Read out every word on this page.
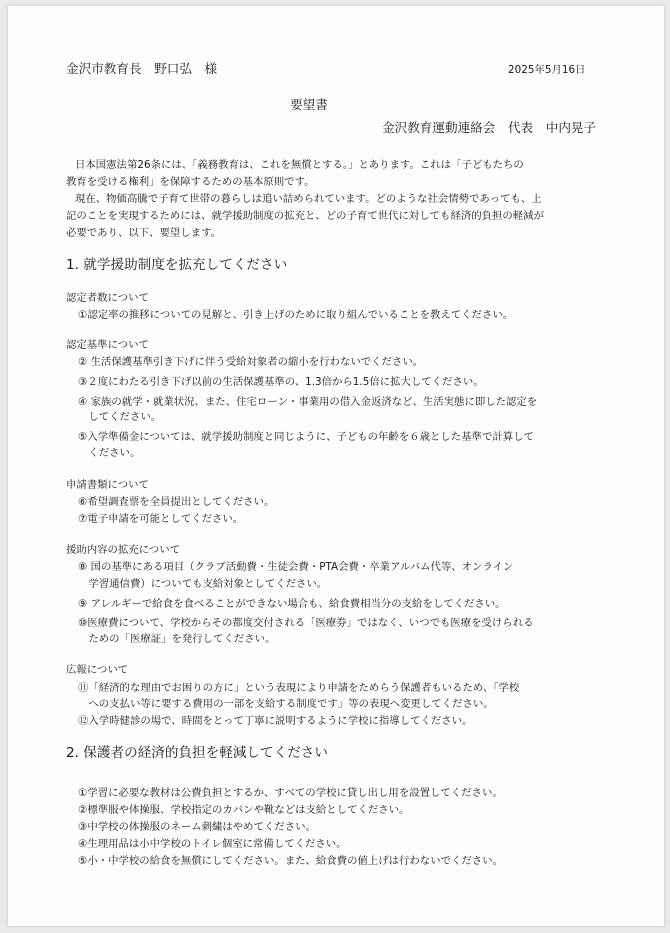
金沢市教育長　野口弘　様	2025年5月16日
要望書
金沢教育運動連絡会　代表　中内晃子
日本国憲法第26条には、「義務教育は、これを無償とする。」とあります。これは「子どもたちの
教育を受ける権利」を保障するための基本原則です。
現在、物価高騰で子育て世帯の暮らしは追い詰められています。どのような社会情勢であっても、上
記のことを実現するためには、就学援助制度の拡充と、どの子育て世代に対しても経済的負担の軽減が
必要であり、以下、要望します。
1. 就学援助制度を拡充してください
認定者数について
①認定率の推移についての見解と、引き上げのために取り組んでいることを教えてください。
認定基準について
② 生活保護基準引き下げに伴う受給対象者の縮小を行わないでください。
③２度にわたる引き下げ以前の生活保護基準の、1.3倍から1.5倍に拡大してください。
④ 家族の就学・就業状況、また、住宅ローン・事業用の借入金返済など、生活実態に即した認定を
　してください。
⑤入学準備金については、就学援助制度と同じように、子どもの年齢を６歳とした基準で計算して
　ください。
申請書類について
⑥希望調査票を全員提出としてください。
⑦電子申請を可能としてください。
援助内容の拡充について
⑧ 国の基準にある項目（クラブ活動費・生徒会費・PTA会費・卒業アルバム代等、オンライン
　学習通信費）についても支給対象としてください。
⑨ アレルギーで給食を食べることができない場合も、給食費相当分の支給をしてください。
⑩医療費について、学校からその都度交付される「医療券」ではなく、いつでも医療を受けられる
　ための「医療証」を発行してください。
広報について
⑪「経済的な理由でお困りの方に」という表現により申請をためらう保護者もいるため、「学校
　への支払い等に要する費用の一部を支給する制度です」等の表現へ変更してください。
⑫入学時健診の場で、時間をとって丁寧に説明するように学校に指導してください。
2. 保護者の経済的負担を軽減してください
①学習に必要な教材は公費負担とするか、すべての学校に貸し出し用を設置してください。
②標準服や体操服、学校指定のカバンや靴などは支給としてください。
③中学校の体操服のネーム刺繍はやめてください。
④生理用品は小中学校のトイレ個室に常備してください。
⑤小・中学校の給食を無償にしてください。また、給食費の値上げは行わないでください。
